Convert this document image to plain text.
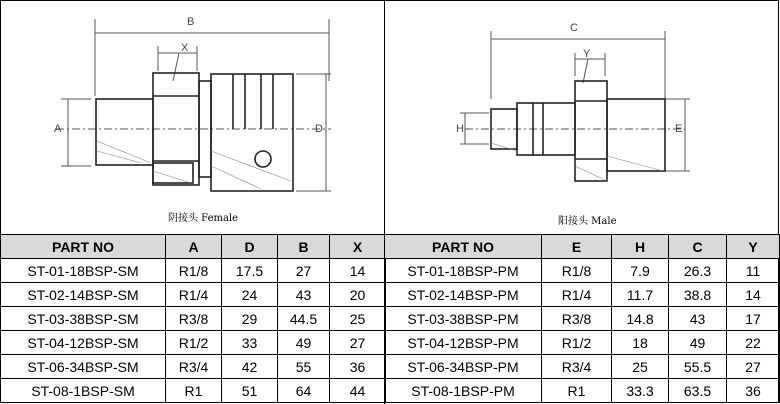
B
X
A	D
阴接头 Female
C
Y
H	E
阳接头 Male
PART NO	A	D	B	X
ST-01-18BSP-SM	R1/8	17.5	27	14
ST-02-14BSP-SM	R1/4	24	43	20
ST-03-38BSP-SM	R3/8	29	44.5	25
ST-04-12BSP-SM	R1/2	33	49	27
ST-06-34BSP-SM	R3/4	42	55	36
ST-08-1BSP-SM	R1	51	64	44
PART NO	E	H	C	Y
ST-01-18BSP-PM	R1/8	7.9	26.3	11
ST-02-14BSP-PM	R1/4	11.7	38.8	14
ST-03-38BSP-PM	R3/8	14.8	43	17
ST-04-12BSP-PM	R1/2	18	49	22
ST-06-34BSP-PM	R3/4	25	55.5	27
ST-08-1BSP-PM	R1	33.3	63.5	36
